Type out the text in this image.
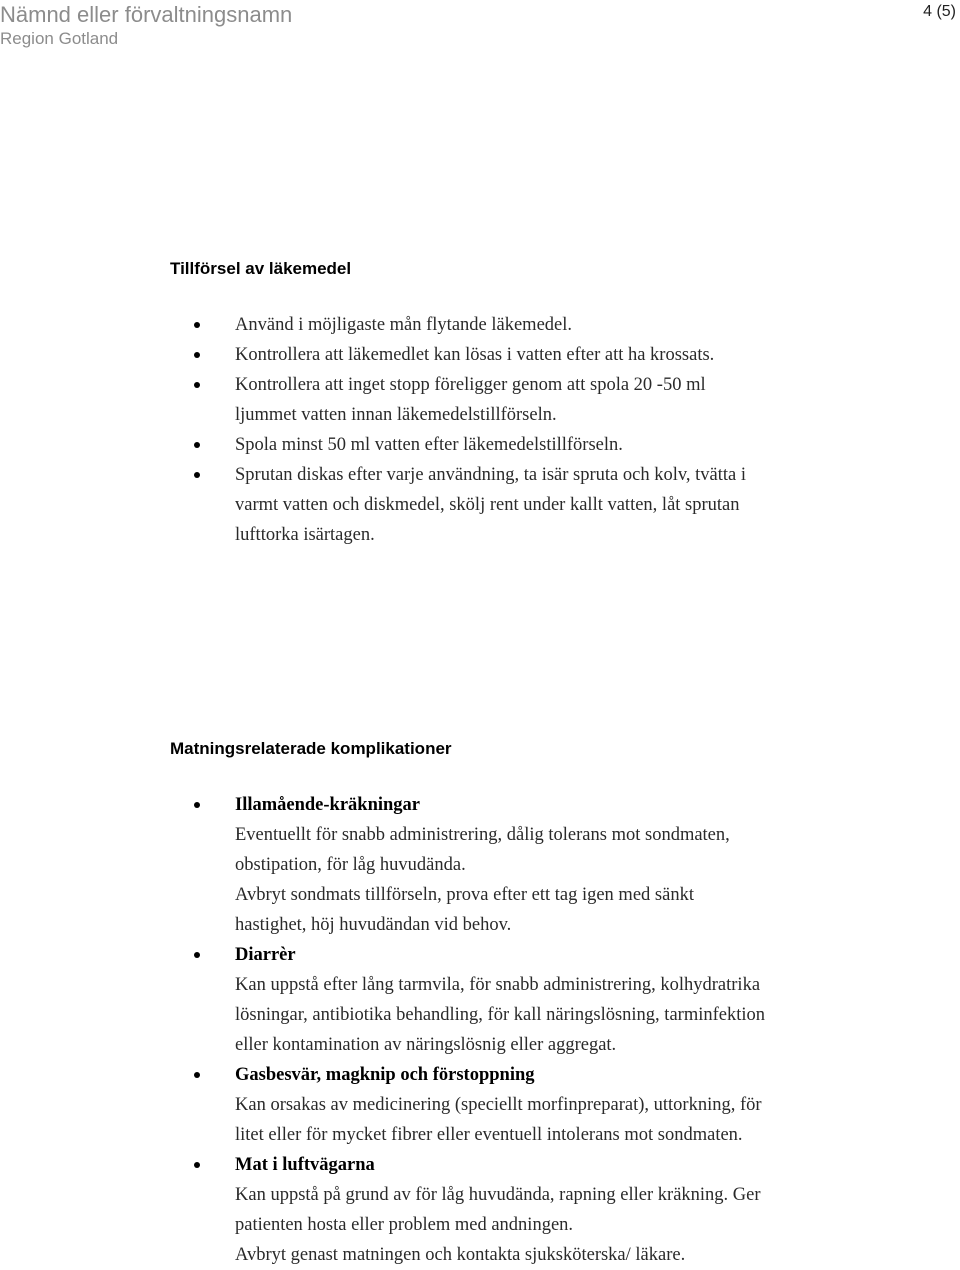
Nämnd eller förvaltningsnamn
Region Gotland
4 (5)
Tillförsel av läkemedel
Använd i möjligaste mån flytande läkemedel.
Kontrollera att läkemedlet kan lösas i vatten efter att ha krossats.
Kontrollera att inget stopp föreligger genom att spola 20 -50 ml
ljummet vatten innan läkemedelstillförseln.
Spola minst 50 ml vatten efter läkemedelstillförseln.
Sprutan diskas efter varje användning, ta isär spruta och kolv, tvätta i
varmt vatten och diskmedel, skölj rent under kallt vatten, låt sprutan
lufttorka isärtagen.
Matningsrelaterade komplikationer
Illamående-kräkningar
Eventuellt för snabb administrering, dålig tolerans mot sondmaten,
obstipation, för låg huvudända.
Avbryt sondmats tillförseln, prova efter ett tag igen med sänkt
hastighet, höj huvudändan vid behov.
Diarrèr
Kan uppstå efter lång tarmvila, för snabb administrering, kolhydratrika
lösningar, antibiotika behandling, för kall näringslösning, tarminfektion
eller kontamination av näringslösnig eller aggregat.
Gasbesvär, magknip och förstoppning
Kan orsakas av medicinering (speciellt morfinpreparat), uttorkning, för
litet eller för mycket fibrer eller eventuell intolerans mot sondmaten.
Mat i luftvägarna
Kan uppstå på grund av för låg huvudända, rapning eller kräkning. Ger
patienten hosta eller problem med andningen.
Avbryt genast matningen och kontakta sjuksköterska/ läkare.
